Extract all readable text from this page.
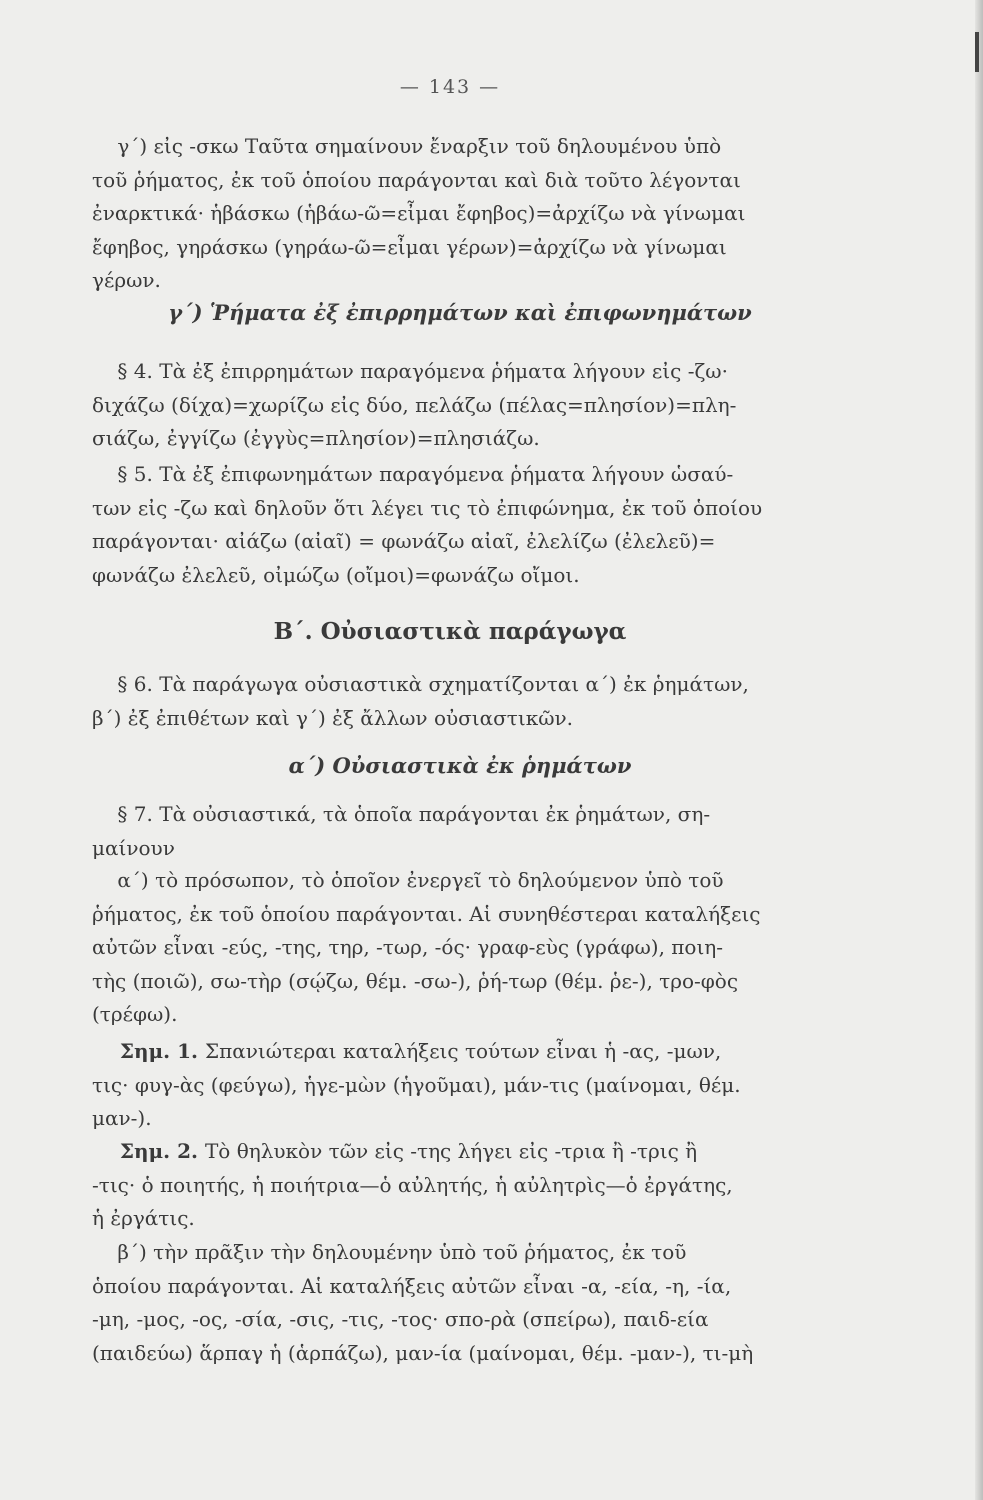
— 143 —
γ΄) εἰς -σκω Ταῦτα σημαίνουν ἔναρξιν τοῦ δηλουμένου ὑπὸ
τοῦ ῥήματος, ἐκ τοῦ ὁποίου παράγονται καὶ διὰ τοῦτο λέγονται
ἐναρκτικά· ἡβάσκω (ἡβάω-ῶ=εἶμαι ἔφηβος)=ἀρχίζω νὰ γίνωμαι
ἔφηβος, γηράσκω (γηράω-ῶ=εἶμαι γέρων)=ἀρχίζω νὰ γίνωμαι
γέρων.
γ΄) Ῥήματα ἐξ ἐπιρρημάτων καὶ ἐπιφωνημάτων
§ 4. Τὰ ἐξ ἐπιρρημάτων παραγόμενα ῥήματα λήγουν εἰς -ζω·
διχάζω (δίχα)=χωρίζω εἰς δύο, πελάζω (πέλας=πλησίον)=πλη-
σιάζω, ἐγγίζω (ἐγγὺς=πλησίον)=πλησιάζω.
§ 5. Τὰ ἐξ ἐπιφωνημάτων παραγόμενα ῥήματα λήγουν ὡσαύ-
των εἰς -ζω καὶ δηλοῦν ὅτι λέγει τις τὸ ἐπιφώνημα, ἐκ τοῦ ὁποίου
παράγονται· αἰάζω (αἰαῖ) = φωνάζω αἰαῖ, ἐλελίζω (ἐλελεῦ)=
φωνάζω ἐλελεῦ, οἰμώζω (οἴμοι)=φωνάζω οἴμοι.
Β΄. Οὐσιαστικὰ παράγωγα
§ 6. Τὰ παράγωγα οὐσιαστικὰ σχηματίζονται α΄) ἐκ ῥημάτων,
β΄) ἐξ ἐπιθέτων καὶ γ΄) ἐξ ἄλλων οὐσιαστικῶν.
α΄) Οὐσιαστικὰ ἐκ ῥημάτων
§ 7. Τὰ οὐσιαστικά, τὰ ὁποῖα παράγονται ἐκ ῥημάτων, ση-
μαίνουν
α΄) τὸ πρόσωπον, τὸ ὁποῖον ἐνεργεῖ τὸ δηλούμενον ὑπὸ τοῦ
ῥήματος, ἐκ τοῦ ὁποίου παράγονται. Αἱ συνηθέστεραι καταλήξεις
αὐτῶν εἶναι -εύς, -της, τηρ, -τωρ, -ός· γραφ-εὺς (γράφω), ποιη-
τὴς (ποιῶ), σω-τὴρ (σῴζω, θέμ. -σω-), ῥή-τωρ (θέμ. ῥε-), τρο-φὸς
(τρέφω).
Σημ. 1. Σπανιώτεραι καταλήξεις τούτων εἶναι ἡ -ας, -μων,
τις· φυγ-ὰς (φεύγω), ἡγε-μὼν (ἡγοῦμαι), μάν-τις (μαίνομαι, θέμ.
μαν-).
Σημ. 2. Τὸ θηλυκὸν τῶν εἰς -της λήγει εἰς -τρια ἢ -τρις ἢ
-τις· ὁ ποιητής, ἡ ποιήτρια—ὁ αὐλητής, ἡ αὐλητρὶς—ὁ ἐργάτης,
ἡ ἐργάτις.
β΄) τὴν πρᾶξιν τὴν δηλουμένην ὑπὸ τοῦ ῥήματος, ἐκ τοῦ
ὁποίου παράγονται. Αἱ καταλήξεις αὐτῶν εἶναι -α, -εία, -η, -ία,
-μη, -μος, -ος, -σία, -σις, -τις, -τος· σπο-ρὰ (σπείρω), παιδ-εία
(παιδεύω) ἅρπαγ ἡ (ἁρπάζω), μαν-ία (μαίνομαι, θέμ. -μαν-), τι-μὴ
